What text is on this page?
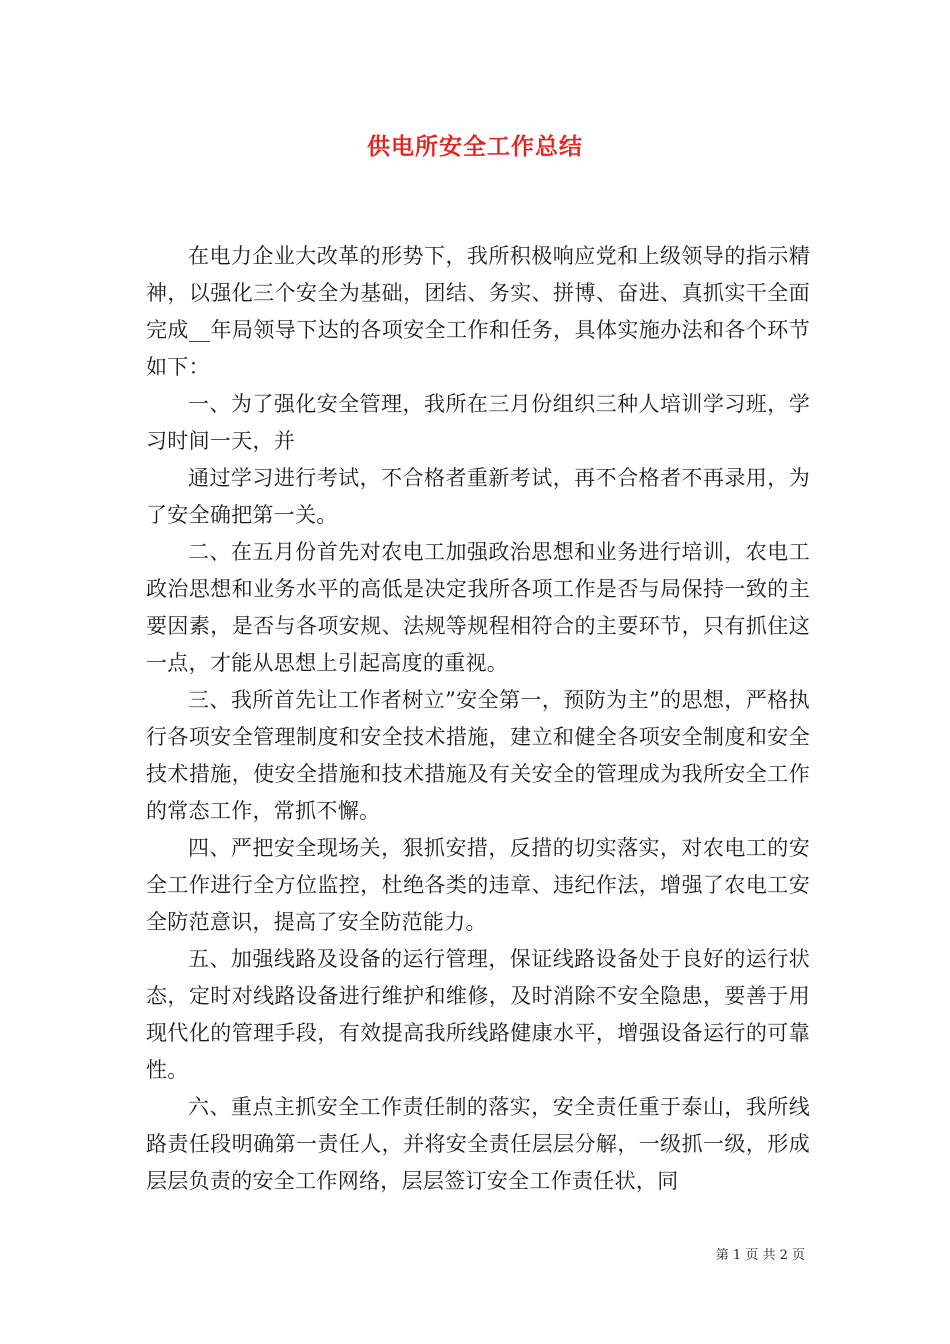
供电所安全工作总结

在电力企业大改革的形势下，我所积极响应党和上级领导的指示精神，以强化三个安全为基础，团结、务实、拼博、奋进、真抓实干全面完成__年局领导下达的各项安全工作和任务，具体实施办法和各个环节如下：

一、为了强化安全管理，我所在三月份组织三种人培训学习班，学习时间一天，并

通过学习进行考试，不合格者重新考试，再不合格者不再录用，为了安全确把第一关。

二、在五月份首先对农电工加强政治思想和业务进行培训，农电工政治思想和业务水平的高低是决定我所各项工作是否与局保持一致的主要因素，是否与各项安规、法规等规程相符合的主要环节，只有抓住这一点，才能从思想上引起高度的重视。

三、我所首先让工作者树立”安全第一，预防为主”的思想，严格执行各项安全管理制度和安全技术措施，建立和健全各项安全制度和安全技术措施，使安全措施和技术措施及有关安全的管理成为我所安全工作的常态工作，常抓不懈。

四、严把安全现场关，狠抓安措，反措的切实落实，对农电工的安全工作进行全方位监控，杜绝各类的违章、违纪作法，增强了农电工安全防范意识，提高了安全防范能力。

五、加强线路及设备的运行管理，保证线路设备处于良好的运行状态，定时对线路设备进行维护和维修，及时消除不安全隐患，要善于用现代化的管理手段，有效提高我所线路健康水平，增强设备运行的可靠性。

六、重点主抓安全工作责任制的落实，安全责任重于泰山，我所线路责任段明确第一责任人，并将安全责任层层分解，一级抓一级，形成层层负责的安全工作网络，层层签订安全工作责任状，同

第 1 页 共 2 页
